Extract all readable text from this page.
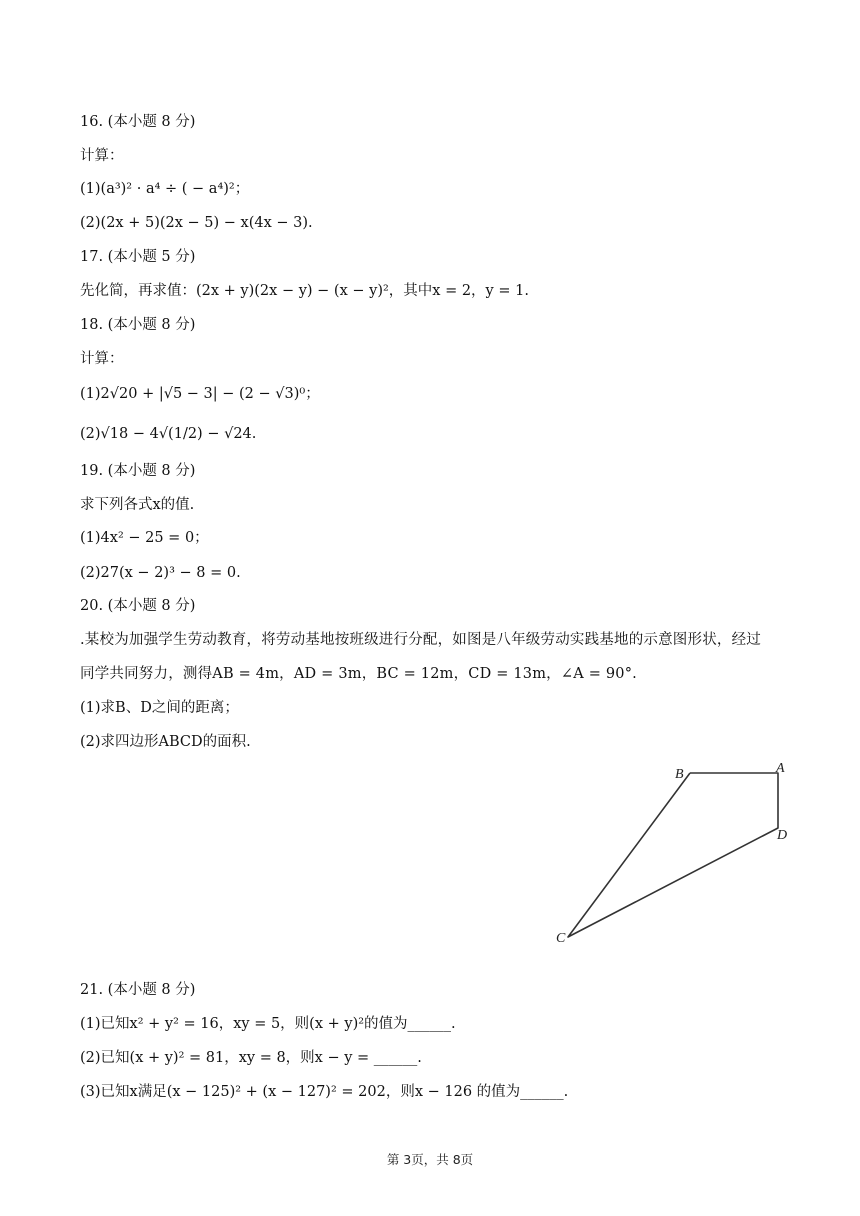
16. (本小题 8 分)
计算：
(1)(a³)² · a⁴ ÷ ( − a⁴)²；
(2)(2x + 5)(2x − 5) − x(4x − 3).
17. (本小题 5 分)
先化简，再求值：(2x + y)(2x − y) − (x − y)²，其中x = 2，y = 1.
18. (本小题 8 分)
计算：
(1)2√20 + |√5 − 3| − (2 − √3)⁰；
(2)√18 − 4√(1/2) − √24.
19. (本小题 8 分)
求下列各式x的值.
(1)4x² − 25 = 0；
(2)27(x − 2)³ − 8 = 0.
20. (本小题 8 分)
.某校为加强学生劳动教育，将劳动基地按班级进行分配，如图是八年级劳动实践基地的示意图形状，经过
同学共同努力，测得AB = 4m，AD = 3m，BC = 12m，CD = 13m，∠A = 90°.
(1)求B、D之间的距离；
(2)求四边形ABCD的面积.
B	A
D
C
21. (本小题 8 分)
(1)已知x² + y² = 16，xy = 5，则(x + y)²的值为______.
(2)已知(x + y)² = 81，xy = 8，则x − y = ______.
(3)已知x满足(x − 125)² + (x − 127)² = 202，则x − 126 的值为______.
第 3页，共 8页
